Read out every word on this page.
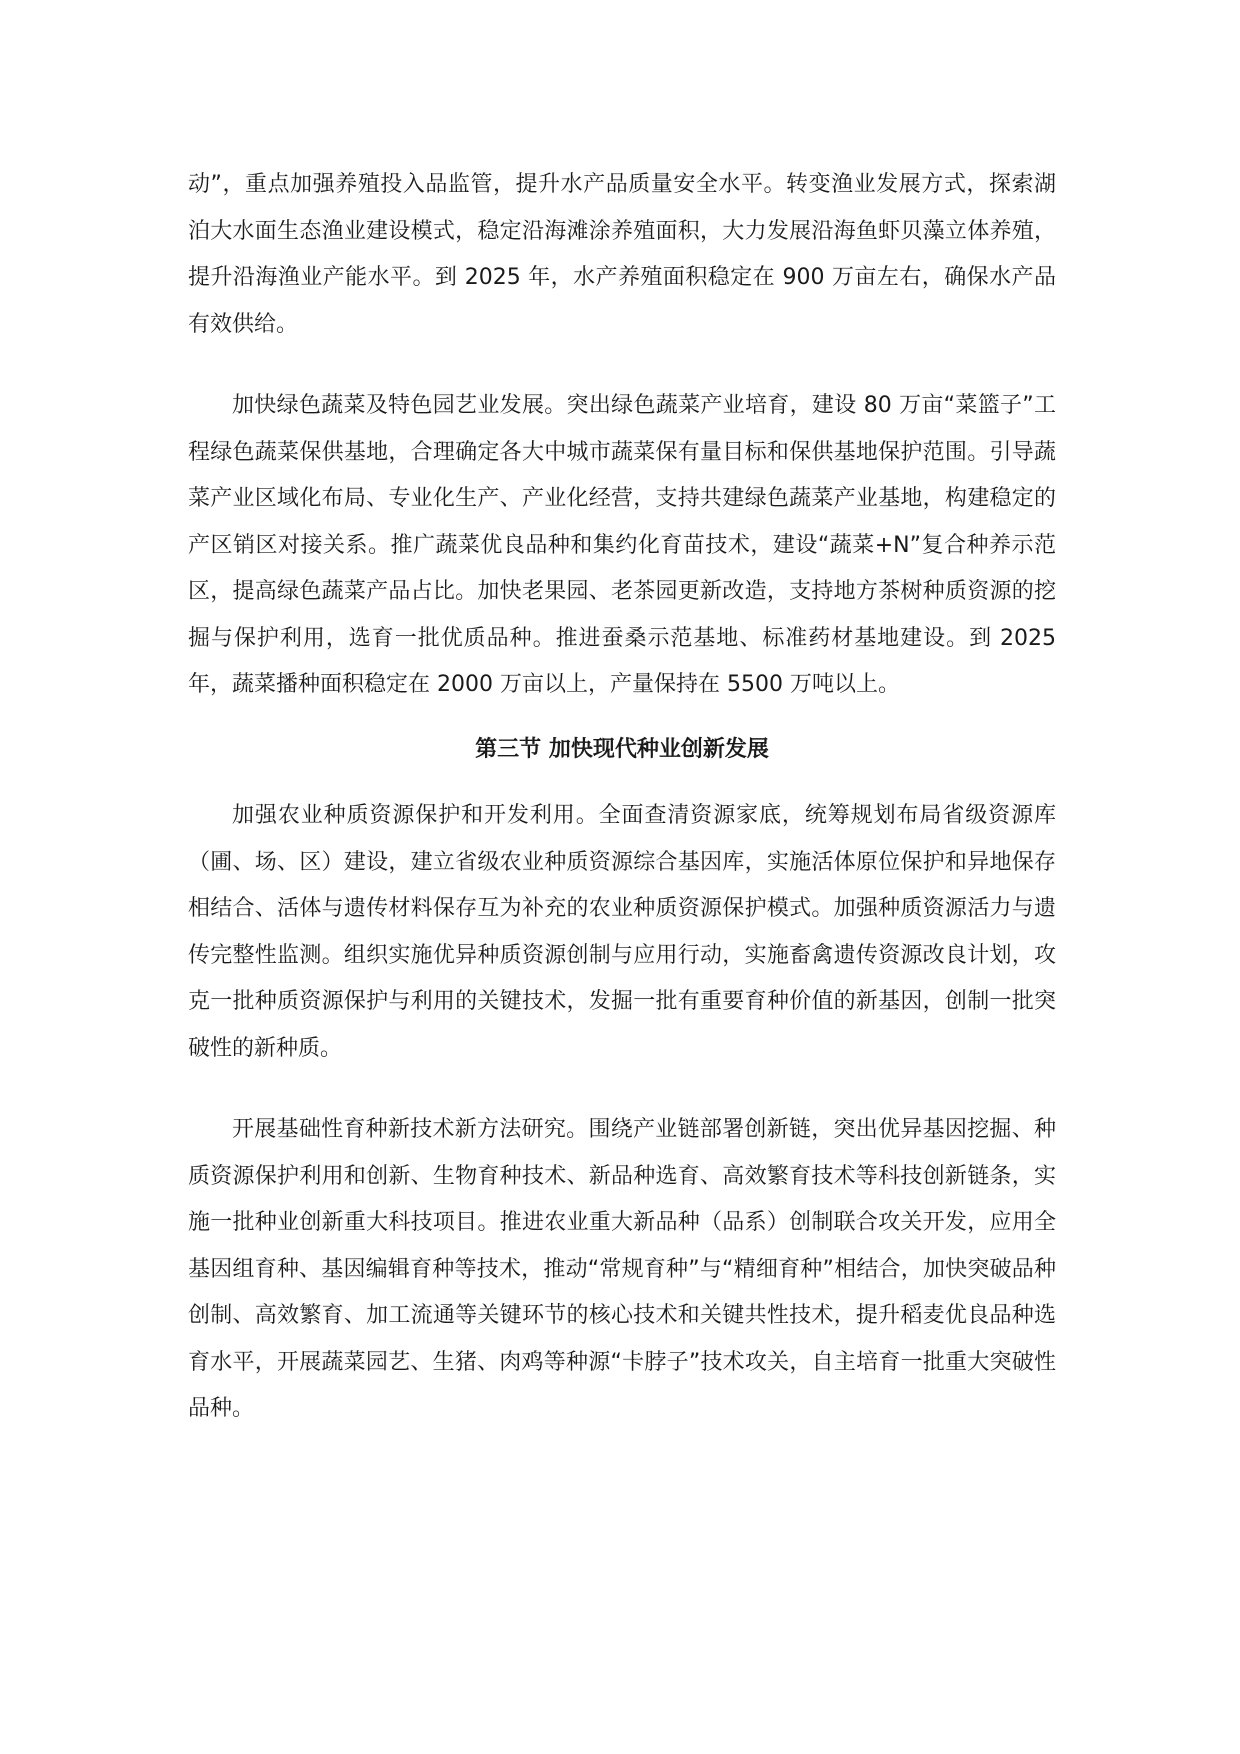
动”，重点加强养殖投入品监管，提升水产品质量安全水平。转变渔业发展方式，探索湖泊大水面生态渔业建设模式，稳定沿海滩涂养殖面积，大力发展沿海鱼虾贝藻立体养殖，提升沿海渔业产能水平。到 2025 年，水产养殖面积稳定在 900 万亩左右，确保水产品有效供给。

加快绿色蔬菜及特色园艺业发展。突出绿色蔬菜产业培育，建设 80 万亩“菜篮子”工程绿色蔬菜保供基地，合理确定各大中城市蔬菜保有量目标和保供基地保护范围。引导蔬菜产业区域化布局、专业化生产、产业化经营，支持共建绿色蔬菜产业基地，构建稳定的产区销区对接关系。推广蔬菜优良品种和集约化育苗技术，建设“蔬菜+N”复合种养示范区，提高绿色蔬菜产品占比。加快老果园、老茶园更新改造，支持地方茶树种质资源的挖掘与保护利用，选育一批优质品种。推进蚕桑示范基地、标准药材基地建设。到 2025 年，蔬菜播种面积稳定在 2000 万亩以上，产量保持在 5500 万吨以上。

第三节 加快现代种业创新发展

加强农业种质资源保护和开发利用。全面查清资源家底，统筹规划布局省级资源库（圃、场、区）建设，建立省级农业种质资源综合基因库，实施活体原位保护和异地保存相结合、活体与遗传材料保存互为补充的农业种质资源保护模式。加强种质资源活力与遗传完整性监测。组织实施优异种质资源创制与应用行动，实施畜禽遗传资源改良计划，攻克一批种质资源保护与利用的关键技术，发掘一批有重要育种价值的新基因，创制一批突破性的新种质。

开展基础性育种新技术新方法研究。围绕产业链部署创新链，突出优异基因挖掘、种质资源保护利用和创新、生物育种技术、新品种选育、高效繁育技术等科技创新链条，实施一批种业创新重大科技项目。推进农业重大新品种（品系）创制联合攻关开发，应用全基因组育种、基因编辑育种等技术，推动“常规育种”与“精细育种”相结合，加快突破品种创制、高效繁育、加工流通等关键环节的核心技术和关键共性技术，提升稻麦优良品种选育水平，开展蔬菜园艺、生猪、肉鸡等种源“卡脖子”技术攻关，自主培育一批重大突破性品种。
